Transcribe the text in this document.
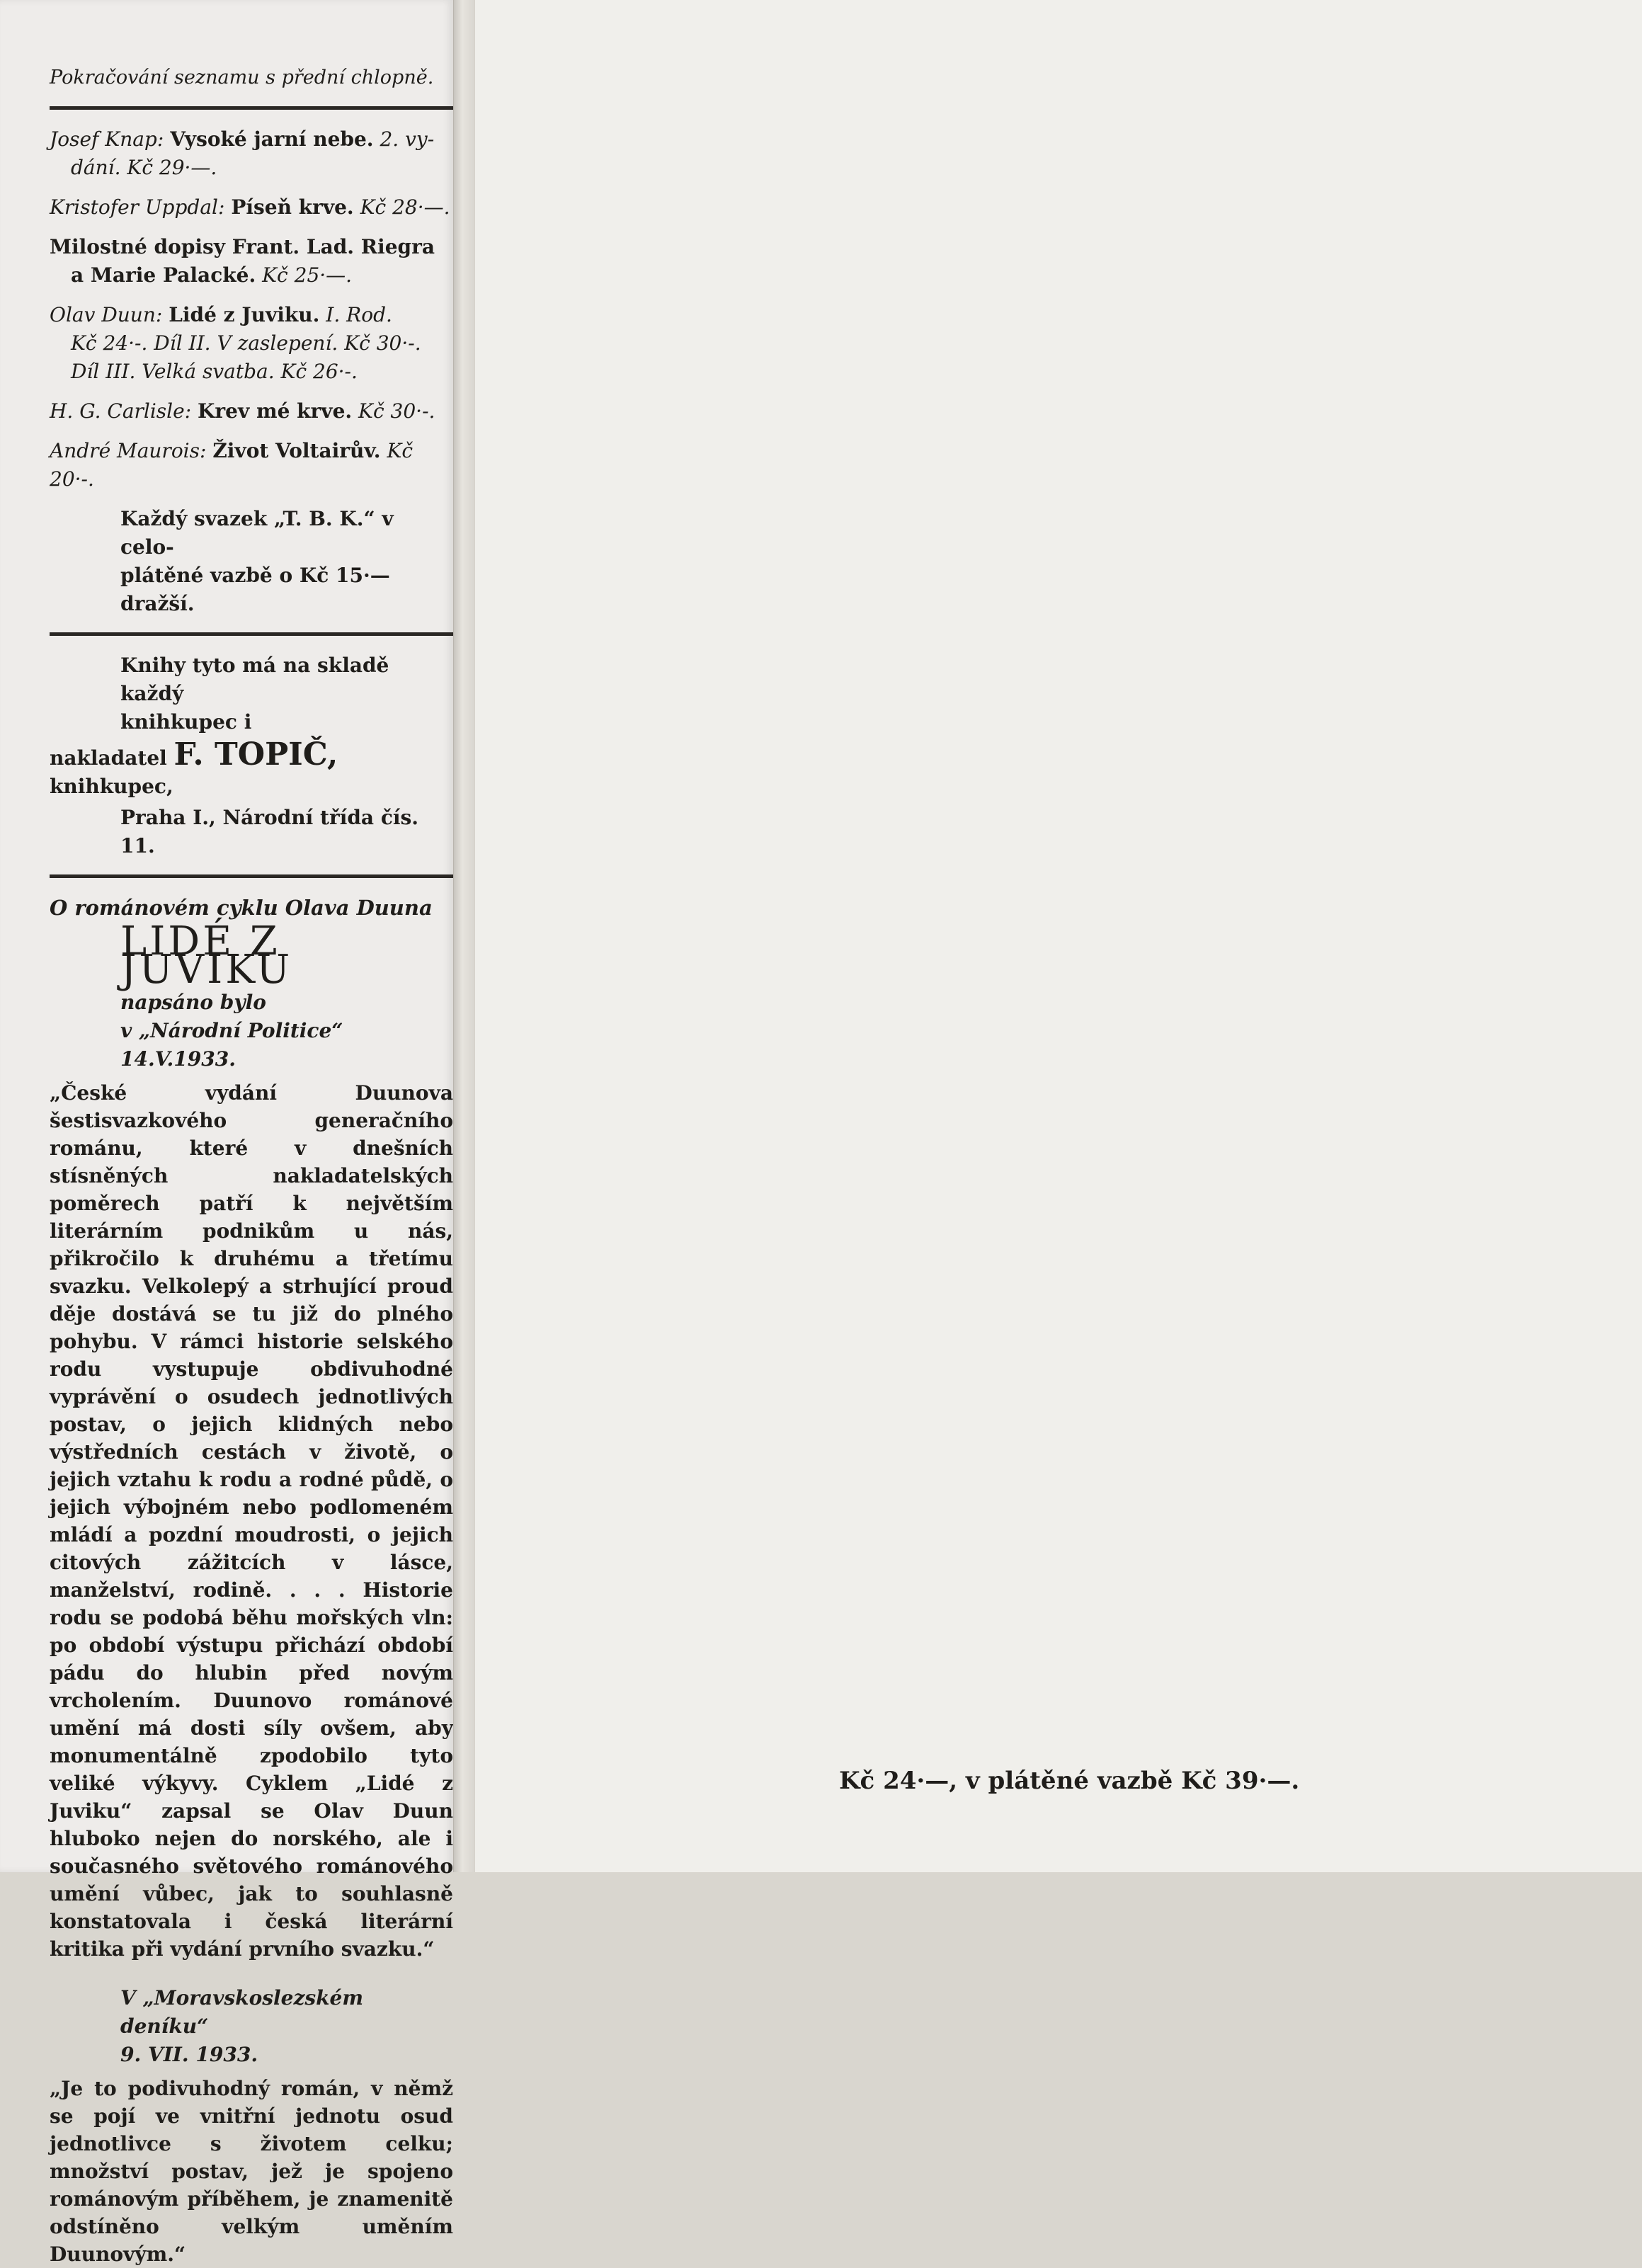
Pokračování seznamu s přední chlopně.
Josef Knap: Vysoké jarní nebe. 2. vy-
dání. Kč 29·—.
Kristofer Uppdal: Píseň krve. Kč 28·—.
Milostné dopisy Frant. Lad. Riegra
a Marie Palacké. Kč 25·—.
Olav Duun: Lidé z Juviku. I. Rod.
Kč 24·-. Díl II. V zaslepení. Kč 30·-.
Díl III. Velká svatba. Kč 26·-.
H. G. Carlisle: Krev mé krve. Kč 30·-.
André Maurois: Život Voltairův. Kč 20·-.
Každý svazek „T. B. K.“ v celo-
plátěné vazbě o Kč 15·— dražší.
Knihy tyto má na skladě každý
knihkupec i
nakladatel F. TOPIČ, knihkupec,
Praha I., Národní třída čís. 11.
O románovém cyklu Olava Duuna
LIDÉ Z JUVIKU
napsáno bylo
v „Národní Politice“ 14.V.1933.
„České vydání Duunova šestisvazkového generačního románu, které v dnešních stísněných nakladatelských poměrech patří k největším literárním podnikům u nás, přikročilo k druhému a třetímu svazku. Velkolepý a strhující proud děje dostává se tu již do plného pohybu. V rámci historie selského rodu vystupuje obdivuhodné vyprávění o osudech jednotlivých postav, o jejich klidných nebo výstředních cestách v životě, o jejich vztahu k rodu a rodné půdě, o jejich výbojném nebo podlomeném mládí a pozdní moudrosti, o jejich citových zážitcích v lásce, manželství, rodině. . . . Historie rodu se podobá běhu mořských vln: po období výstupu přichází období pádu do hlubin před novým vrcholením. Duunovo románové umění má dosti síly ovšem, aby monumentálně zpodobilo tyto veliké výkyvy. Cyklem „Lidé z Juviku“ zapsal se Olav Duun hluboko nejen do norského, ale i současného světového románového umění vůbec, jak to souhlasně konstatovala i česká literární kritika při vydání prvního svazku.“
V „Moravskoslezském deníku“
9. VII. 1933.
„Je to podivuhodný román, v němž se pojí ve vnitřní jednotu osud jednotlivce s životem celku; množství postav, jež je spojeno románovým příběhem, je znamenitě odstíněno velkým uměním Duunovým.“
Kč 24·—, v plátěné vazbě Kč 39·—.
